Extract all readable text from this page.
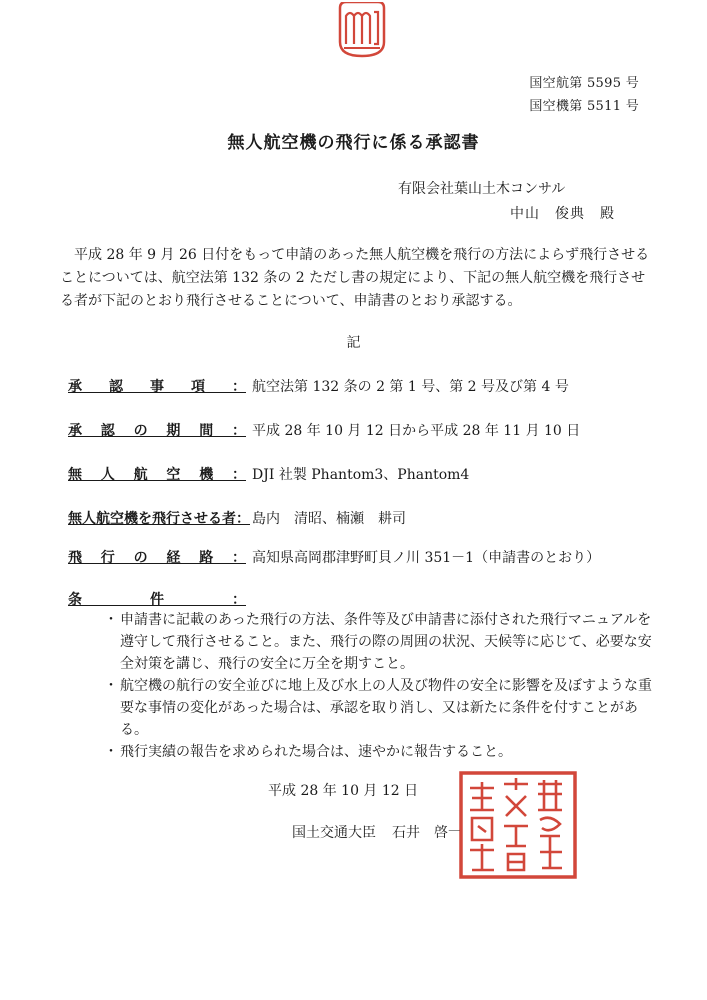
国空航第 5595 号
国空機第 5511 号
無人航空機の飛行に係る承認書
有限会社葉山土木コンサル
中山　俊典　殿
平成 28 年 9 月 26 日付をもって申請のあった無人航空機を飛行の方法によらず飛行させることについては、航空法第 132 条の 2 ただし書の規定により、下記の無人航空機を飛行させる者が下記のとおり飛行させることについて、申請書のとおり承認する。
記
承認事項： 航空法第 132 条の 2 第 1 号、第 2 号及び第 4 号
承認の期間： 平成 28 年 10 月 12 日から平成 28 年 11 月 10 日
無人航空機： DJI 社製 Phantom3、Phantom4
無人航空機を飛行させる者： 島内　清昭、楠瀬　耕司
飛行の経路： 高知県高岡郡津野町貝ノ川 351－1（申請書のとおり）
条件：
・ 申請書に記載のあった飛行の方法、条件等及び申請書に添付された飛行マニュアルを遵守して飛行させること。また、飛行の際の周囲の状況、天候等に応じて、必要な安全対策を講じ、飛行の安全に万全を期すこと。
・ 航空機の航行の安全並びに地上及び水上の人及び物件の安全に影響を及ぼすような重要な事情の変化があった場合は、承認を取り消し、又は新たに条件を付すことがある。
・ 飛行実績の報告を求められた場合は、速やかに報告すること。
平成 28 年 10 月 12 日
国土交通大臣 石井　啓一
